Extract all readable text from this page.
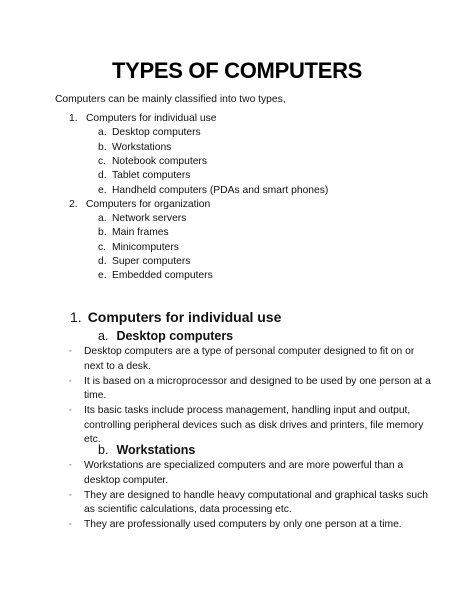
TYPES OF COMPUTERS
Computers can be mainly classified into two types,
1. Computers for individual use
a. Desktop computers
b. Workstations
c. Notebook computers
d. Tablet computers
e. Handheld computers (PDAs and smart phones)
2. Computers for organization
a. Network servers
b. Main frames
c. Minicomputers
d. Super computers
e. Embedded computers
1. Computers for individual use
a. Desktop computers
◦ Desktop computers are a type of personal computer designed to fit on or next to a desk.
◦ It is based on a microprocessor and designed to be used by one person at a time.
◦ Its basic tasks include process management, handling input and output, controlling peripheral devices such as disk drives and printers, file memory etc.
b. Workstations
◦ Workstations are specialized computers and are more powerful than a desktop computer.
◦ They are designed to handle heavy computational and graphical tasks such as scientific calculations, data processing etc.
◦ They are professionally used computers by only one person at a time.
